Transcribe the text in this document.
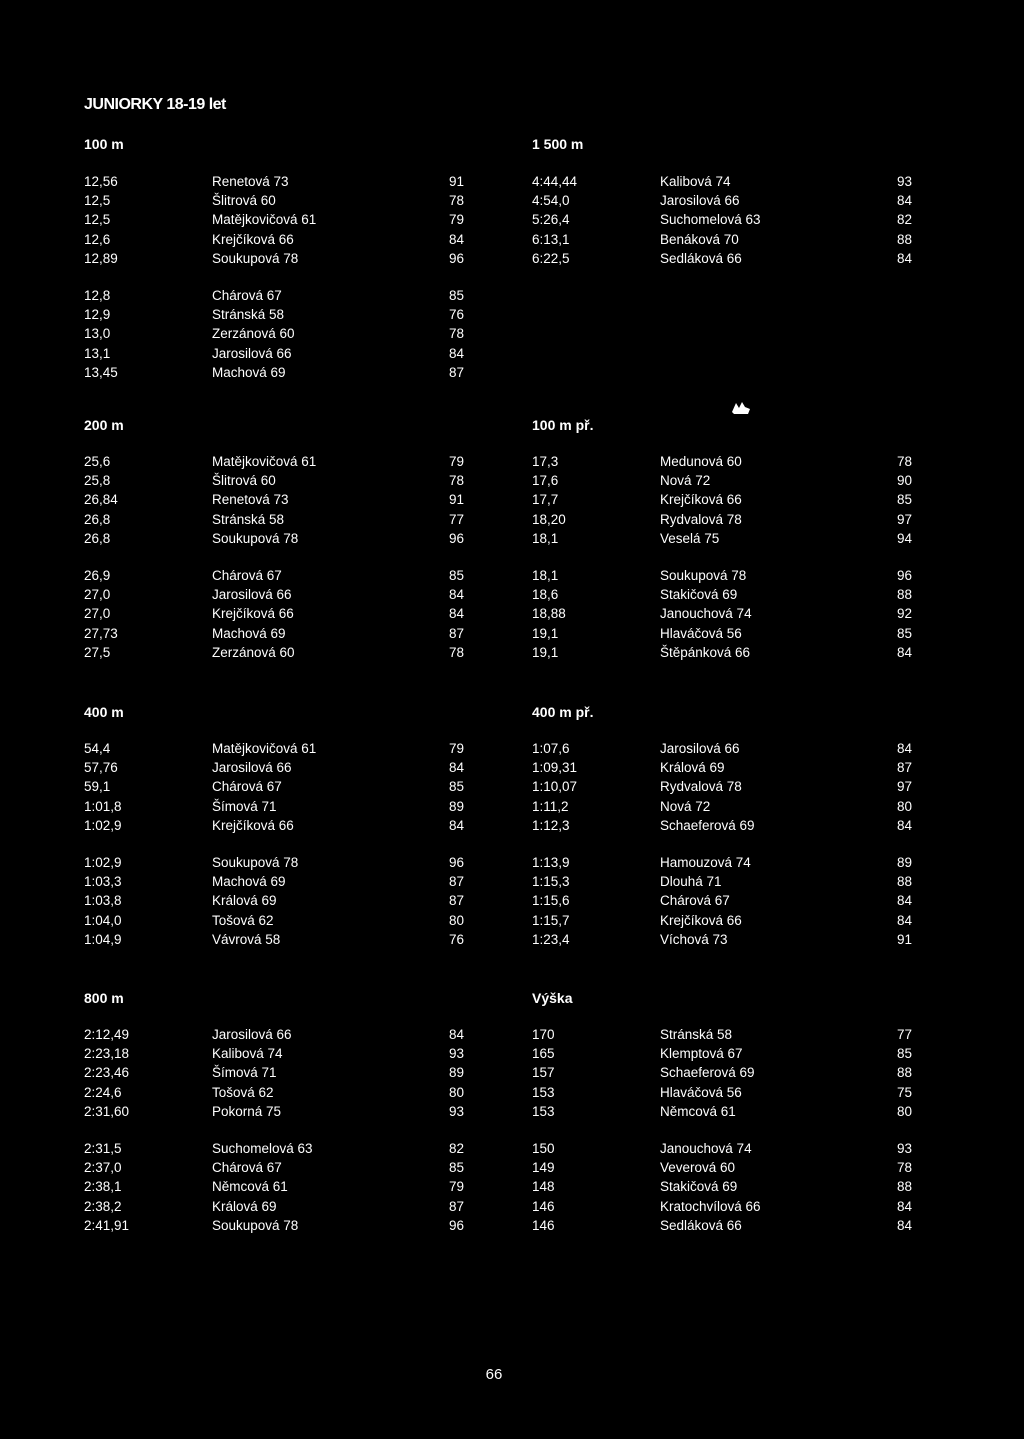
JUNIORKY 18-19 let
100 m
12,56	Renetová 73	91
12,5	Šlitrová 60	78
12,5	Matějkovičová 61	79
12,6	Krejčíková 66	84
12,89	Soukupová 78	96
12,8	Chárová 67	85
12,9	Stránská 58	76
13,0	Zerzánová 60	78
13,1	Jarosilová 66	84
13,45	Machová 69	87
1 500 m
4:44,44	Kalibová 74	93
4:54,0	Jarosilová 66	84
5:26,4	Suchomelová 63	82
6:13,1	Benáková 70	88
6:22,5	Sedláková 66	84
200 m
25,6	Matějkovičová 61	79
25,8	Šlitrová 60	78
26,84	Renetová 73	91
26,8	Stránská 58	77
26,8	Soukupová 78	96
26,9	Chárová 67	85
27,0	Jarosilová 66	84
27,0	Krejčíková 66	84
27,73	Machová 69	87
27,5	Zerzánová 60	78
100 m př.
17,3	Medunová 60	78
17,6	Nová 72	90
17,7	Krejčíková 66	85
18,20	Rydvalová 78	97
18,1	Veselá 75	94
18,1	Soukupová 78	96
18,6	Stakičová 69	88
18,88	Janouchová 74	92
19,1	Hlaváčová 56	85
19,1	Štěpánková 66	84
400 m
54,4	Matějkovičová 61	79
57,76	Jarosilová 66	84
59,1	Chárová 67	85
1:01,8	Šímová 71	89
1:02,9	Krejčíková 66	84
1:02,9	Soukupová 78	96
1:03,3	Machová 69	87
1:03,8	Králová 69	87
1:04,0	Tošová 62	80
1:04,9	Vávrová 58	76
400 m př.
1:07,6	Jarosilová 66	84
1:09,31	Králová 69	87
1:10,07	Rydvalová 78	97
1:11,2	Nová 72	80
1:12,3	Schaeferová 69	84
1:13,9	Hamouzová 74	89
1:15,3	Dlouhá 71	88
1:15,6	Chárová 67	84
1:15,7	Krejčíková 66	84
1:23,4	Víchová 73	91
800 m
2:12,49	Jarosilová 66	84
2:23,18	Kalibová 74	93
2:23,46	Šímová 71	89
2:24,6	Tošová 62	80
2:31,60	Pokorná 75	93
2:31,5	Suchomelová 63	82
2:37,0	Chárová 67	85
2:38,1	Němcová 61	79
2:38,2	Králová 69	87
2:41,91	Soukupová 78	96
Výška
170	Stránská 58	77
165	Klemptová 67	85
157	Schaeferová 69	88
153	Hlaváčová 56	75
153	Němcová 61	80
150	Janouchová 74	93
149	Veverová 60	78
148	Stakičová 69	88
146	Kratochvílová 66	84
146	Sedláková 66	84
66
